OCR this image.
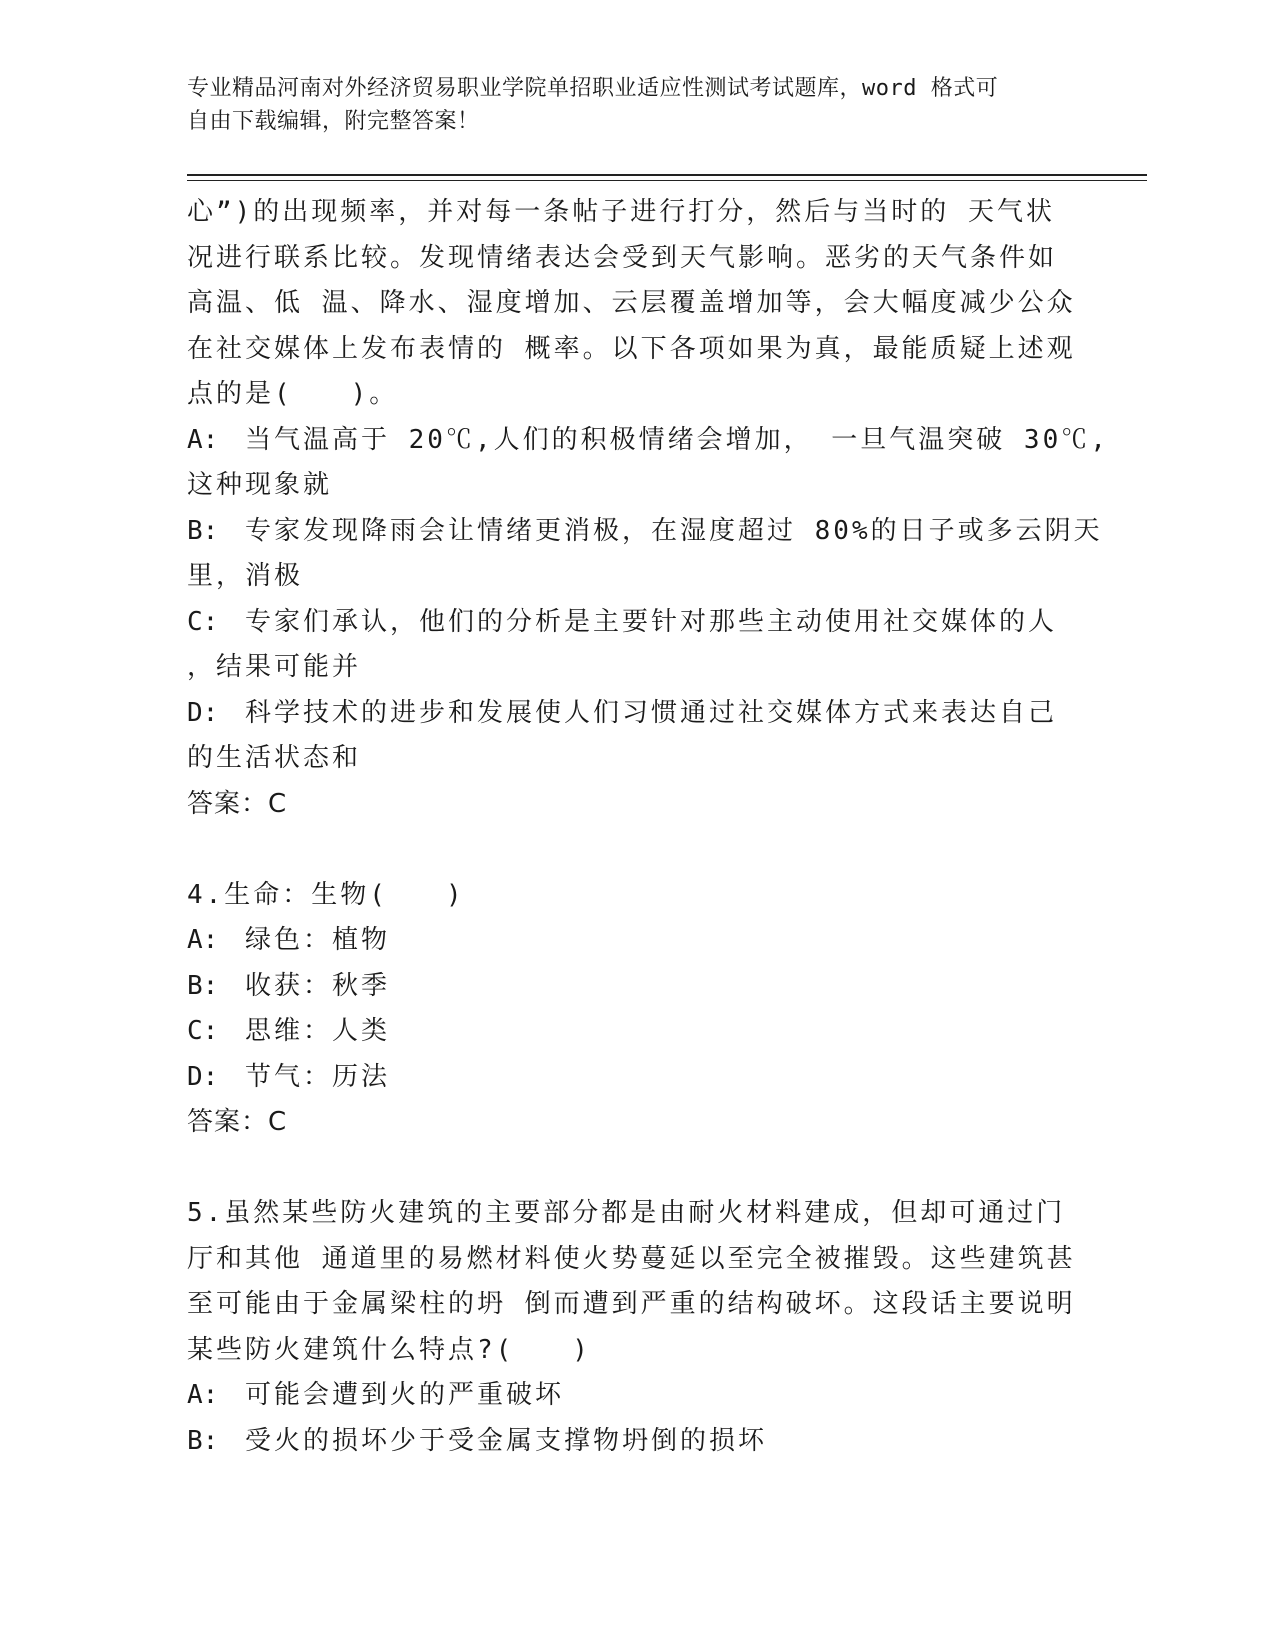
专业精品河南对外经济贸易职业学院单招职业适应性测试考试题库，word 格式可
自由下载编辑，附完整答案！
心”)的出现频率，并对每一条帖子进行打分，然后与当时的 天气状
况进行联系比较。发现情绪表达会受到天气影响。恶劣的天气条件如
高温、低 温、降水、湿度增加、云层覆盖增加等，会大幅度减少公众
在社交媒体上发布表情的 概率。以下各项如果为真，最能质疑上述观
点的是(　　)。
A: 当气温高于 20℃,人们的积极情绪会增加， 一旦气温突破 30℃,
这种现象就
B: 专家发现降雨会让情绪更消极，在湿度超过 80%的日子或多云阴天
里，消极
C: 专家们承认，他们的分析是主要针对那些主动使用社交媒体的人
，结果可能并
D: 科学技术的进步和发展使人们习惯通过社交媒体方式来表达自己
的生活状态和
答案：C
4.生命：生物(　　)
A: 绿色：植物
B: 收获：秋季
C: 思维：人类
D: 节气：历法
答案：C
5.虽然某些防火建筑的主要部分都是由耐火材料建成，但却可通过门
厅和其他 通道里的易燃材料使火势蔓延以至完全被摧毁。这些建筑甚
至可能由于金属梁柱的坍 倒而遭到严重的结构破坏。这段话主要说明
某些防火建筑什么特点?(　　)
A: 可能会遭到火的严重破坏
B: 受火的损坏少于受金属支撑物坍倒的损坏
